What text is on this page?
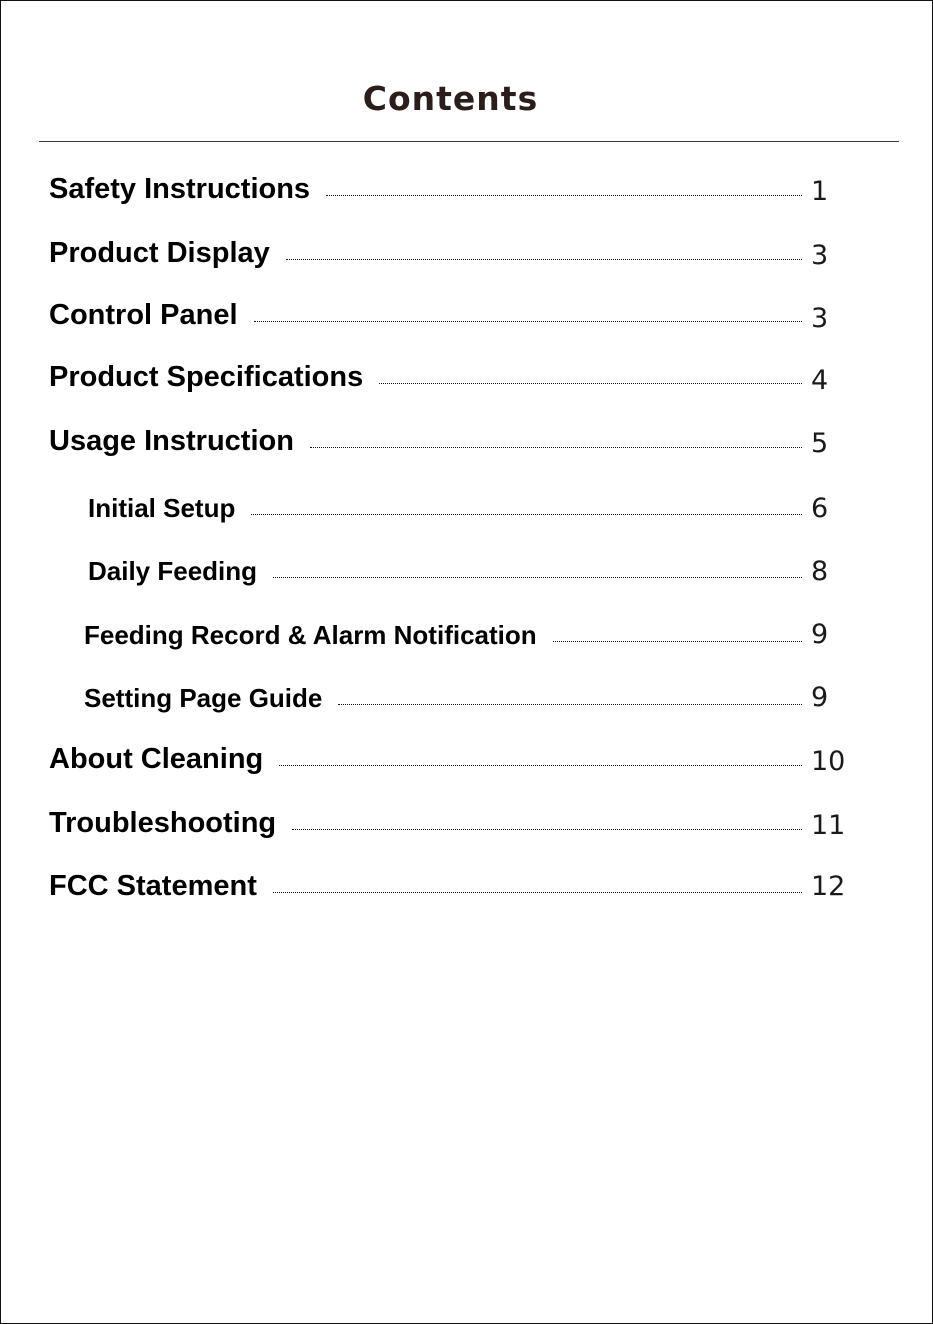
Contents
Safety Instructions
Product Display
Control Panel
Product Specifications
Usage Instruction
Initial Setup
Daily Feeding
Feeding Record & Alarm Notification
Setting Page Guide
About Cleaning
Troubleshooting
FCC Statement
1
3
3
4
5
6
8
9
9
10
11
12
